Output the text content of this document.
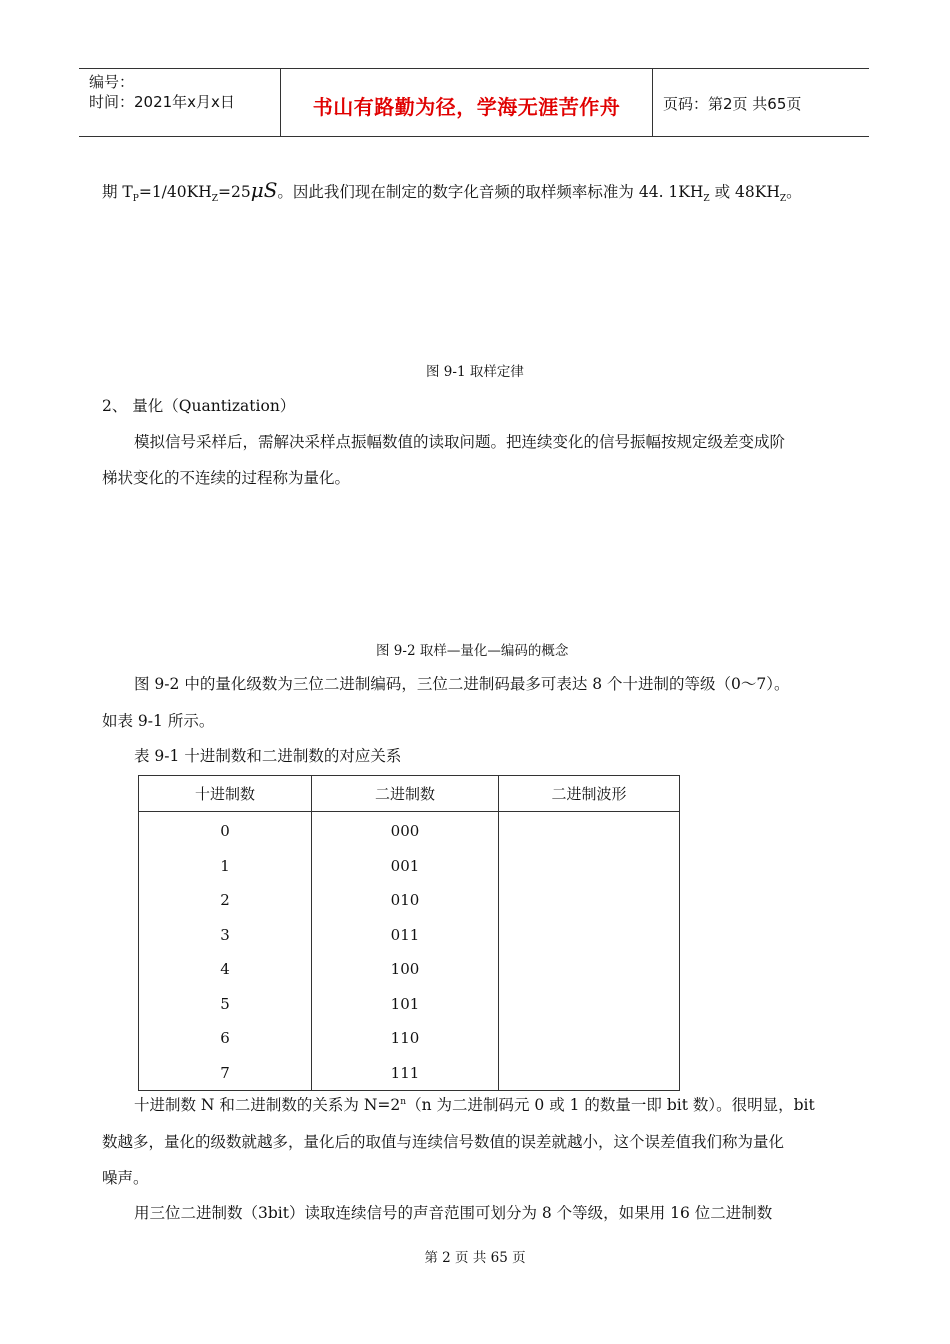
编号：
时间：2021年x月x日	书山有路勤为径，学海无涯苦作舟	页码：第2页 共65页
期 $T_P=1/40KH_Z=25\mu S$。因此我们现在制定的数字化音频的取样频率标准为 44. $1KH_Z$ 或 $48KH_Z$。
图 9-1 取样定律
2、 量化（Quantization）
模拟信号采样后，需解决采样点振幅数值的读取问题。把连续变化的信号振幅按规定级差变成阶
梯状变化的不连续的过程称为量化。
图 9-2 取样—量化—编码的概念
图 9-2 中的量化级数为三位二进制编码，三位二进制码最多可表达 8 个十进制的等级（0～7）。
如表 9-1 所示。
表 9-1 十进制数和二进制数的对应关系
十进制数	二进制数	二进制波形
0	000	
1	001	
2	010	
3	011	
4	100	
5	101	
6	110	
7	111	
十进制数 N 和二进制数的关系为 $N=2^n(n$ 为二进制码元 0 或 1 的数量一即 bit 数）。很明显，bit
数越多，量化的级数就越多，量化后的取值与连续信号数值的误差就越小，这个误差值我们称为量化
噪声。
用三位二进制数（3bit）读取连续信号的声音范围可划分为 8 个等级，如果用 16 位二进制数
第 2 页 共 65 页
